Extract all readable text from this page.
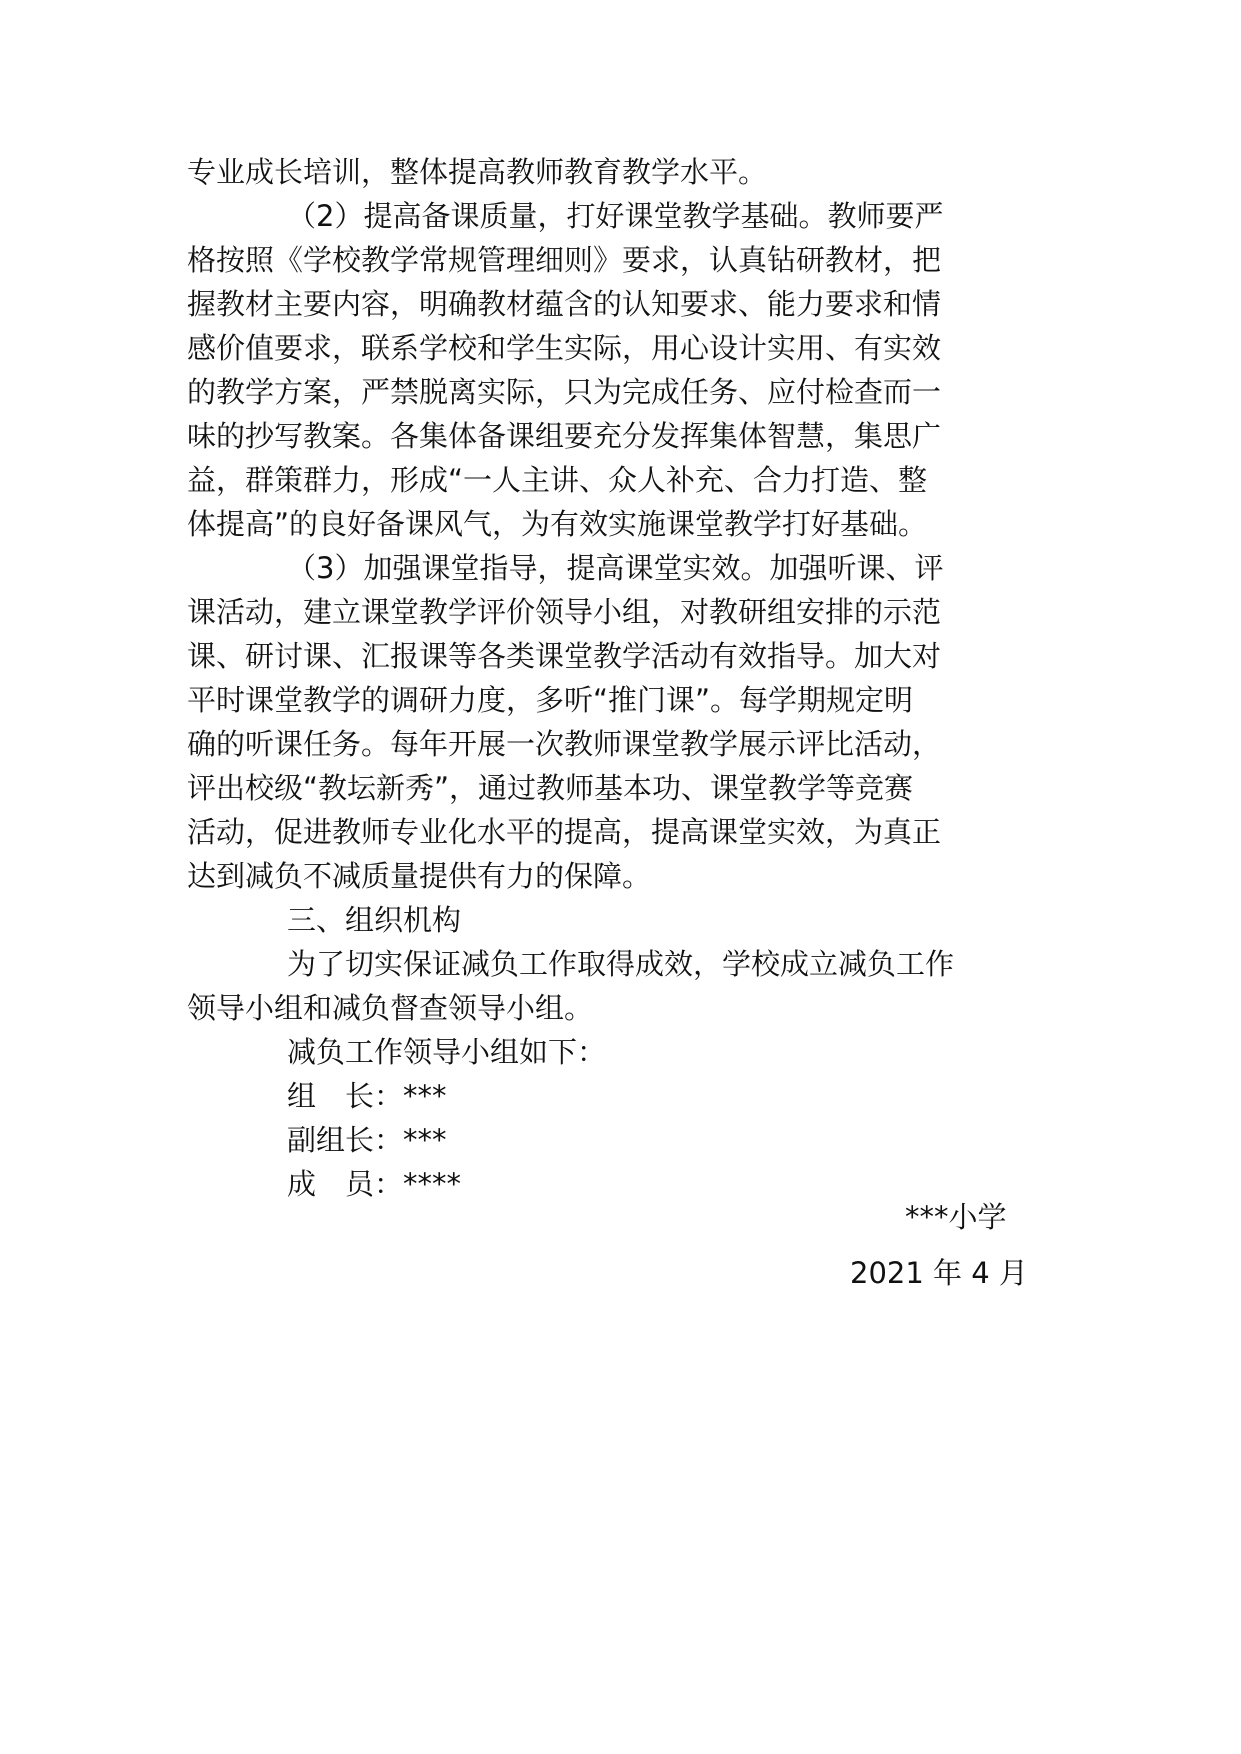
专业成长培训，整体提高教师教育教学水平。
（2）提高备课质量，打好课堂教学基础。教师要严
格按照《学校教学常规管理细则》要求，认真钻研教材，把
握教材主要内容，明确教材蕴含的认知要求、能力要求和情
感价值要求，联系学校和学生实际，用心设计实用、有实效
的教学方案，严禁脱离实际，只为完成任务、应付检查而一
味的抄写教案。各集体备课组要充分发挥集体智慧，集思广
益，群策群力，形成“一人主讲、众人补充、合力打造、整
体提高”的良好备课风气，为有效实施课堂教学打好基础。
（3）加强课堂指导，提高课堂实效。加强听课、评
课活动，建立课堂教学评价领导小组，对教研组安排的示范
课、研讨课、汇报课等各类课堂教学活动有效指导。加大对
平时课堂教学的调研力度，多听“推门课”。每学期规定明
确的听课任务。每年开展一次教师课堂教学展示评比活动，
评出校级“教坛新秀”，通过教师基本功、课堂教学等竞赛
活动，促进教师专业化水平的提高，提高课堂实效，为真正
达到减负不减质量提供有力的保障。
三、组织机构
为了切实保证减负工作取得成效，学校成立减负工作
领导小组和减负督查领导小组。
减负工作领导小组如下：
组　长：***
副组长：***
成　员：****
***小学
2021 年 4 月
